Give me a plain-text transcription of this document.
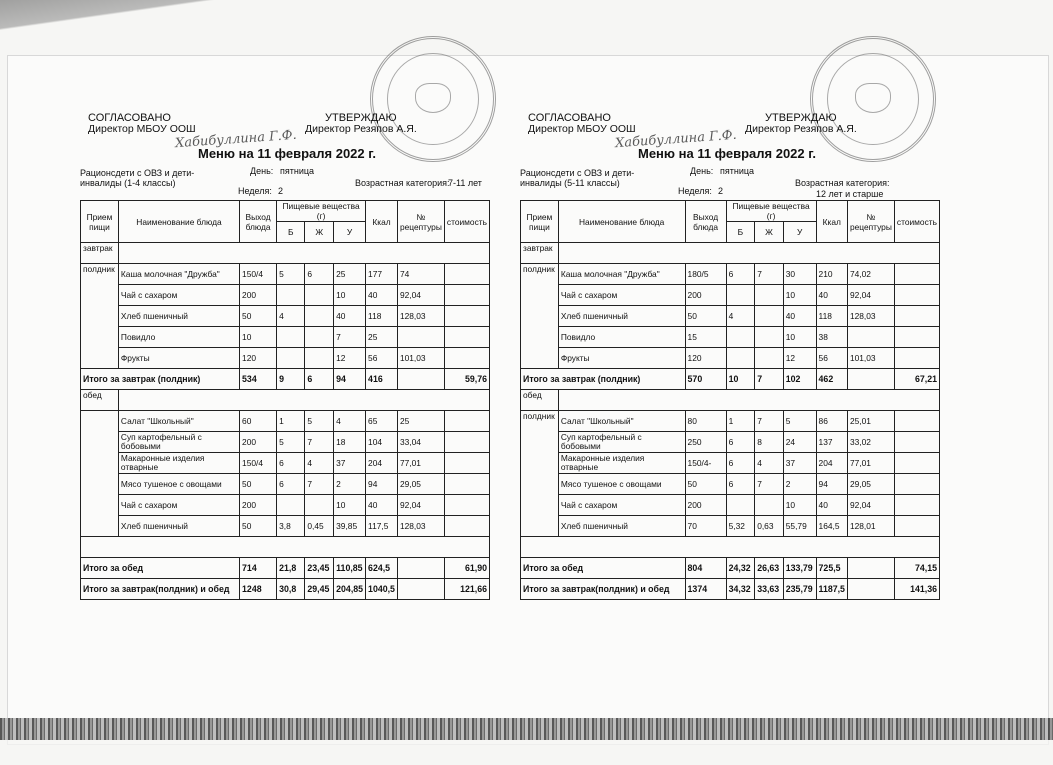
СОГЛАСОВАНО	УТВЕРЖДАЮ
Директор МБОУ ООШ	Директор Резяпов А.Я.
Хабибуллина Г.Ф.
Меню на 11 февраля 2022 г.
Рационсдети с ОВЗ и дети-
инвалиды (1-4 классы)
День: пятница
Неделя: 2
Возрастная категория:
7-11 лет
Прием пищи	Наименование блюда	Выход блюда	Пищевые вещества (г)			Ккал	№ рецептуры	стоимость
			Б	Ж	У			
завтрак								
полдник	Каша молочная "Дружба"	150/4	5	6	25	177	74	
	Чай с сахаром	200			10	40	92,04	
	Хлеб пшеничный	50	4		40	118	128,03	
	Повидло	10			7	25		
	Фрукты	120			12	56	101,03	
Итого за завтрак (полдник)		534	9	6	94	416		59,76
обед								
	Салат "Школьный"	60	1	5	4	65	25	
	Суп картофельный с бобовыми	200	5	7	18	104	33,04	
	Макаронные изделия отварные	150/4	6	4	37	204	77,01	
	Мясо тушеное с овощами	50	6	7	2	94	29,05	
	Чай с сахаром	200			10	40	92,04	
	Хлеб пшеничный	50	3,8	0,45	39,85	117,5	128,03	

Итого за обед		714	21,8	23,45	110,85	624,5		61,90
Итого за завтрак(полдник) и обед		1248	30,8	29,45	204,85	1040,5		121,66
СОГЛАСОВАНО	УТВЕРЖДАЮ
Директор МБОУ ООШ	Директор Резяпов А.Я.
Хабибуллина Г.Ф.
Меню на 11 февраля 2022 г.
Рационсдети с ОВЗ и дети-
инвалиды (5-11 классы)
День: пятница
Неделя: 2
Возрастная категория:
12 лет и старше
Прием пищи	Наименование блюда	Выход блюда	Пищевые вещества (г)			Ккал	№ рецептуры	стоимость
			Б	Ж	У			
завтрак								
полдник	Каша молочная "Дружба"	180/5	6	7	30	210	74,02	
	Чай с сахаром	200			10	40	92,04	
	Хлеб пшеничный	50	4		40	118	128,03	
	Повидло	15			10	38		
	Фрукты	120			12	56	101,03	
Итого за завтрак (полдник)		570	10	7	102	462		67,21
обед								
полдник	Салат "Школьный"	80	1	7	5	86	25,01	
	Суп картофельный с бобовыми	250	6	8	24	137	33,02	
	Макаронные изделия отварные	150/4-	6	4	37	204	77,01	
	Мясо тушеное с овощами	50	6	7	2	94	29,05	
	Чай с сахаром	200			10	40	92,04	
	Хлеб пшеничный	70	5,32	0,63	55,79	164,5	128,01	

Итого за обед		804	24,32	26,63	133,79	725,5		74,15
Итого за завтрак(полдник) и обед		1374	34,32	33,63	235,79	1187,5		141,36
